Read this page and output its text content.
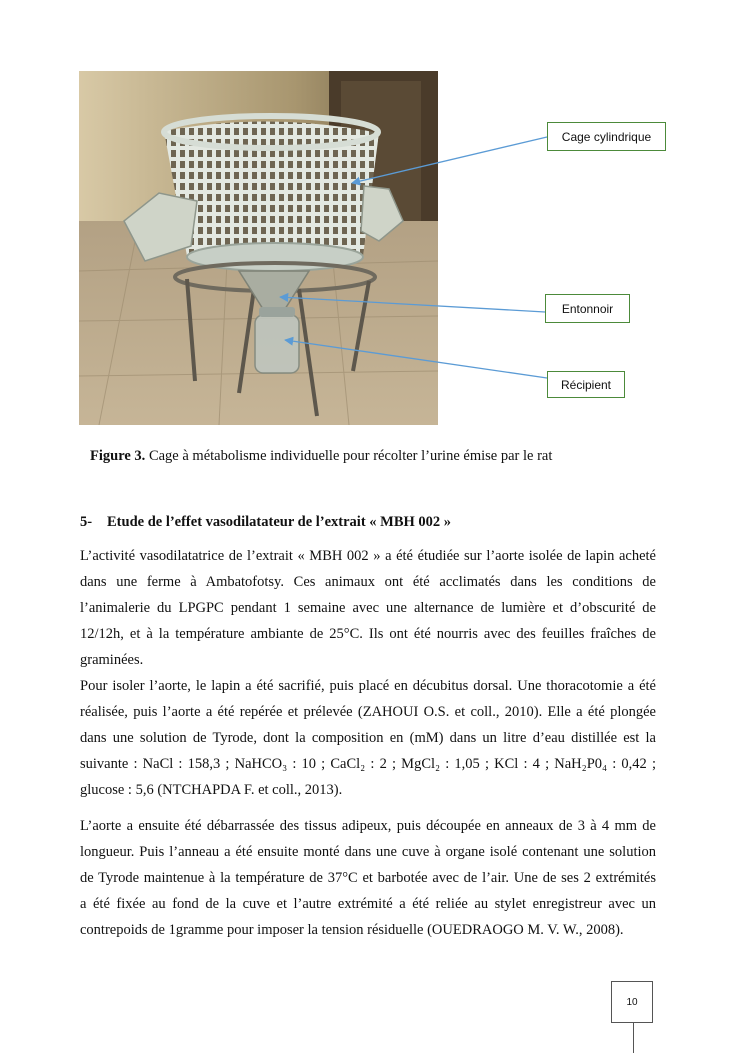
Cage cylindrique
Entonnoir
Récipient
Figure 3. Cage à métabolisme individuelle pour récolter l’urine émise par le rat
5- Etude de l’effet vasodilatateur de l’extrait « MBH 002 »
L’activité vasodilatatrice de l’extrait « MBH 002 » a été étudiée sur l’aorte isolée de lapin acheté
dans une ferme à Ambatofotsy. Ces animaux ont été acclimatés dans les conditions de
l’animalerie du LPGPC pendant 1 semaine avec une alternance de lumière et d’obscurité de
12/12h, et à la température ambiante de 25°C. Ils ont été nourris avec des feuilles fraîches de
graminées.
Pour isoler l’aorte, le lapin a été sacrifié, puis placé en décubitus dorsal. Une thoracotomie a été
réalisée, puis l’aorte a été repérée et prélevée (ZAHOUI O.S. et coll., 2010). Elle a été plongée
dans une solution de Tyrode, dont la composition en (mM) dans un litre d’eau distillée est la
suivante : NaCl : 158,3 ; NaHCO₃ : 10 ; CaCl₂ : 2 ; MgCl₂ : 1,05 ; KCl : 4 ; NaH₂P0₄ : 0,42 ;
glucose : 5,6 (NTCHAPDA F. et coll., 2013).
L’aorte a ensuite été débarrassée des tissus adipeux, puis découpée en anneaux de 3 à 4 mm de
longueur. Puis l’anneau a été ensuite monté dans une cuve à organe isolé contenant une solution
de Tyrode maintenue à la température de 37°C et barbotée avec de l’air. Une de ses 2 extrémités
a été fixée au fond de la cuve et l’autre extrémité a été reliée au stylet enregistreur avec un
contrepoids de 1gramme pour imposer la tension résiduelle (OUEDRAOGO M. V. W., 2008).
10
